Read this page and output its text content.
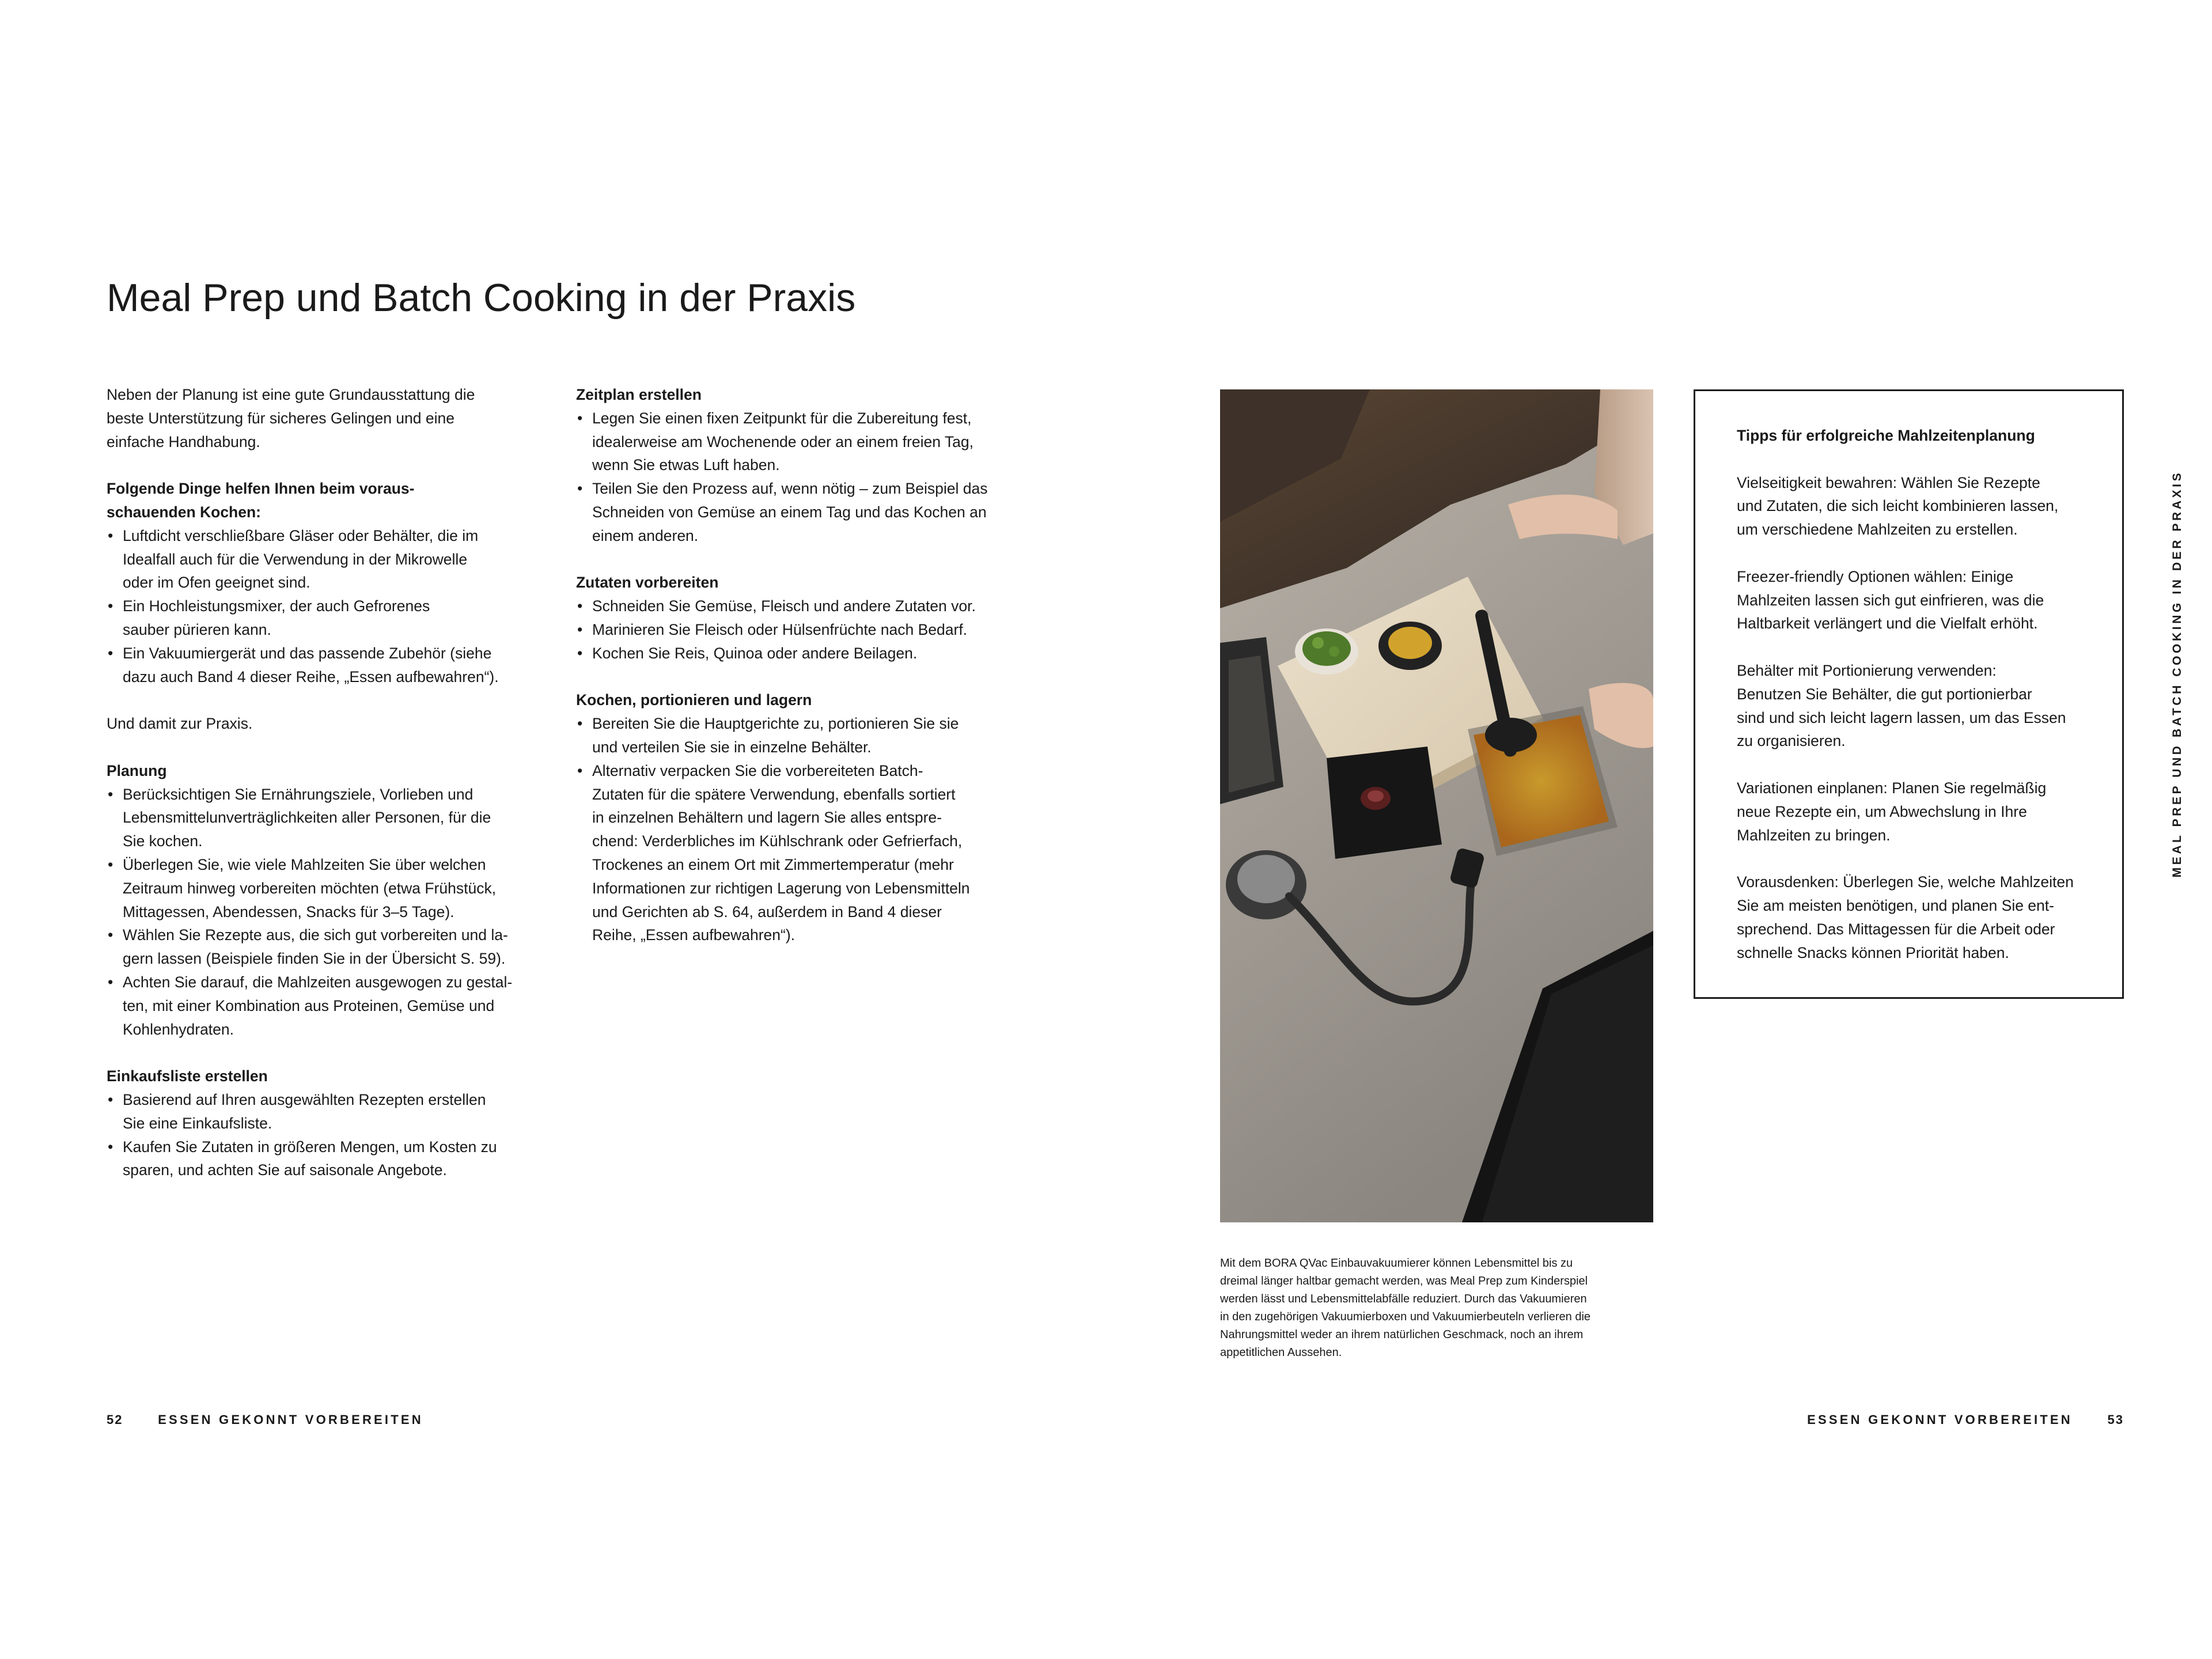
Meal Prep und Batch Cooking in der Praxis
MEAL PREP UND BATCH COOKING IN DER PRAXIS

Neben der Planung ist eine gute Grundausstattung die
beste Unterstützung für sicheres Gelingen und eine
einfache Handhabung.

Folgende Dinge helfen Ihnen beim voraus-
schauenden Kochen:

• Luftdicht verschließbare Gläser oder Behälter, die im
Idealfall auch für die Verwendung in der Mikrowelle
oder im Ofen geeignet sind.
• Ein Hochleistungsmixer, der auch Gefrorenes
sauber pürieren kann.
• Ein Vakuumiergerät und das passende Zubehör (siehe
dazu auch Band 4 dieser Reihe, „Essen aufbewahren“).

Und damit zur Praxis.

Planung

• Berücksichtigen Sie Ernährungsziele, Vorlieben und
Lebensmittelunverträglichkeiten aller Personen, für die
Sie kochen.
• Überlegen Sie, wie viele Mahlzeiten Sie über welchen
Zeitraum hinweg vorbereiten möchten (etwa Frühstück,
Mittagessen, Abendessen, Snacks für 3–5 Tage).
• Wählen Sie Rezepte aus, die sich gut vorbereiten und la-
gern lassen (Beispiele finden Sie in der Übersicht S. 59).
• Achten Sie darauf, die Mahlzeiten ausgewogen zu gestal-
ten, mit einer Kombination aus Proteinen, Gemüse und
Kohlenhydraten.

Einkaufsliste erstellen

• Basierend auf Ihren ausgewählten Rezepten erstellen
Sie eine Einkaufsliste.
• Kaufen Sie Zutaten in größeren Mengen, um Kosten zu
sparen, und achten Sie auf saisonale Angebote.

Zeitplan erstellen

• Legen Sie einen fixen Zeitpunkt für die Zubereitung fest,
idealerweise am Wochenende oder an einem freien Tag,
wenn Sie etwas Luft haben.
• Teilen Sie den Prozess auf, wenn nötig – zum Beispiel das
Schneiden von Gemüse an einem Tag und das Kochen an
einem anderen.

Zutaten vorbereiten

• Schneiden Sie Gemüse, Fleisch und andere Zutaten vor.
• Marinieren Sie Fleisch oder Hülsenfrüchte nach Bedarf.
• Kochen Sie Reis, Quinoa oder andere Beilagen.

Kochen, portionieren und lagern

• Bereiten Sie die Hauptgerichte zu, portionieren Sie sie
und verteilen Sie sie in einzelne Behälter.
• Alternativ verpacken Sie die vorbereiteten Batch-
Zutaten für die spätere Verwendung, ebenfalls sortiert
in einzelnen Behältern und lagern Sie alles entspre-
chend: Verderbliches im Kühlschrank oder Gefrierfach,
Trockenes an einem Ort mit Zimmertemperatur (mehr
Informationen zur richtigen Lagerung von Lebensmitteln
und Gerichten ab S. 64, außerdem in Band 4 dieser
Reihe, „Essen aufbewahren“).
Mit dem BORA QVac Einbauvakuumierer können Lebensmittel bis zu
dreimal länger haltbar gemacht werden, was Meal Prep zum Kinderspiel
werden lässt und Lebensmittelabfälle reduziert. Durch das Vakuumieren
in den zugehörigen Vakuumierboxen und Vakuumierbeuteln verlieren die
Nahrungsmittel weder an ihrem natürlichen Geschmack, noch an ihrem
appetitlichen Aussehen.

Tipps für erfolgreiche Mahlzeitenplanung

Vielseitigkeit bewahren: Wählen Sie Rezepte
und Zutaten, die sich leicht kombinieren lassen,
um verschiedene Mahlzeiten zu erstellen.

Freezer-friendly Optionen wählen: Einige
Mahlzeiten lassen sich gut einfrieren, was die
Haltbarkeit verlängert und die Vielfalt erhöht.

Behälter mit Portionierung verwenden:
Benutzen Sie Behälter, die gut portionierbar
sind und sich leicht lagern lassen, um das Essen
zu organisieren.

Variationen einplanen: Planen Sie regelmäßig
neue Rezepte ein, um Abwechslung in Ihre
Mahlzeiten zu bringen.

Vorausdenken: Überlegen Sie, welche Mahlzeiten
Sie am meisten benötigen, und planen Sie ent-
sprechend. Das Mittagessen für die Arbeit oder
schnelle Snacks können Priorität haben.

52	ESSEN GEKONNT VORBEREITEN	ESSEN GEKONNT VORBEREITEN	53
